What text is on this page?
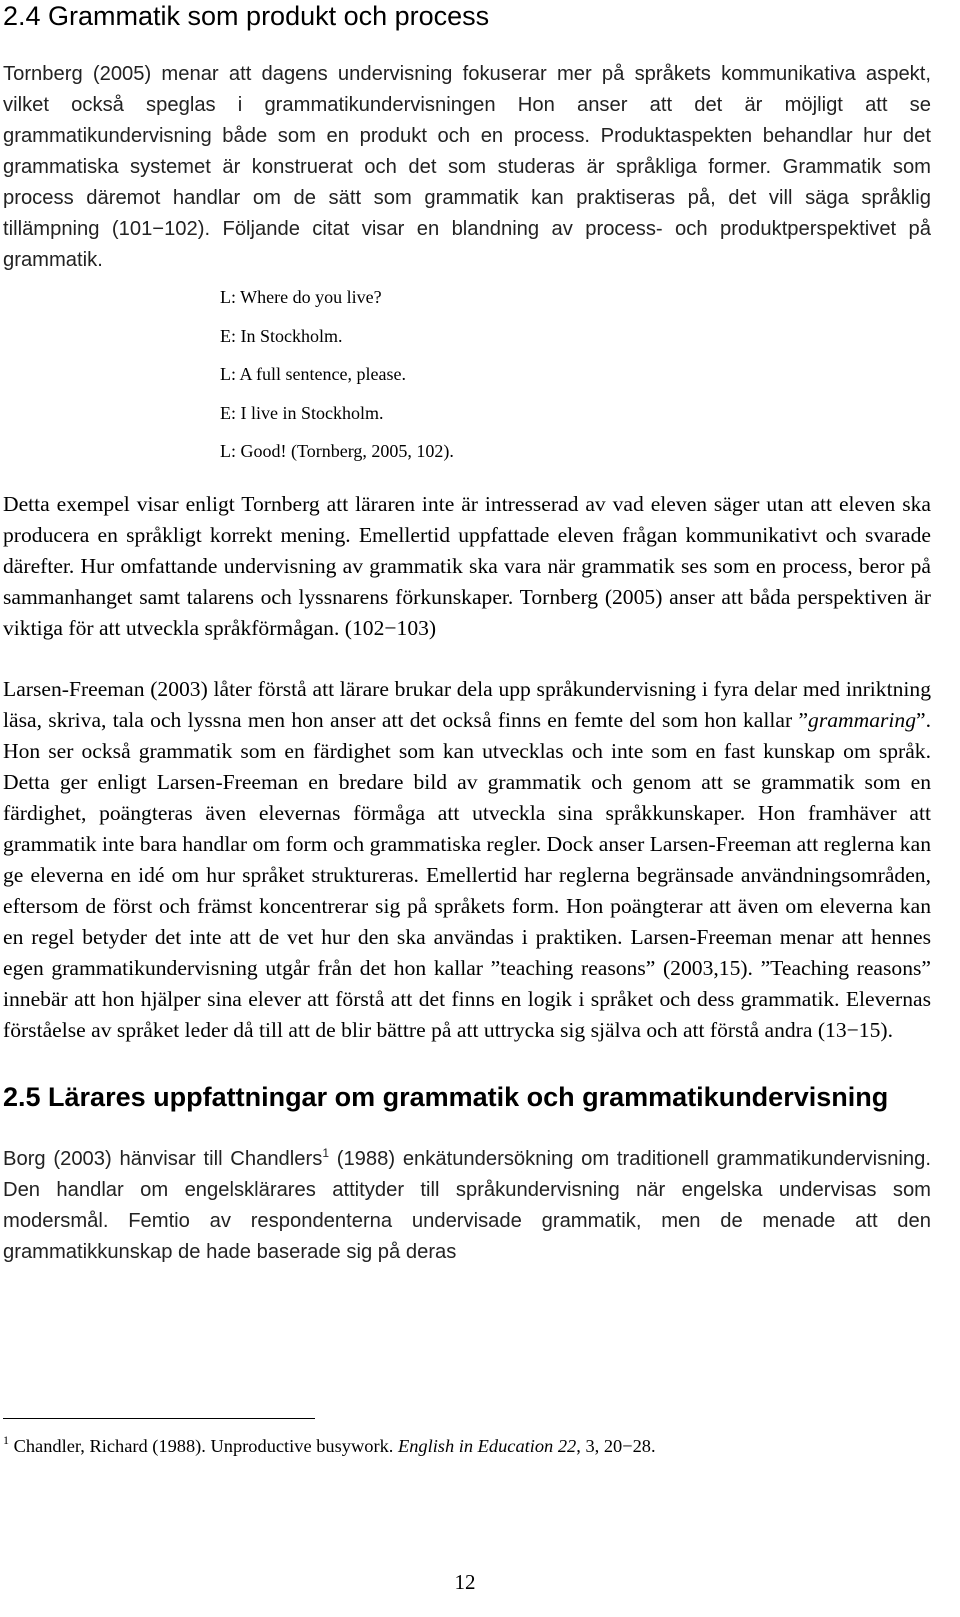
2.4 Grammatik som produkt och process

Tornberg (2005) menar att dagens undervisning fokuserar mer på språkets kommunikativa aspekt, vilket också speglas i grammatikundervisningen Hon anser att det är möjligt att se grammatikundervisning både som en produkt och en process. Produktaspekten behandlar hur det grammatiska systemet är konstruerat och det som studeras är språkliga former. Grammatik som process däremot handlar om de sätt som grammatik kan praktiseras på, det vill säga språklig tillämpning (101−102). Följande citat visar en blandning av process- och produktperspektivet på grammatik.

L: Where do you live?
E: In Stockholm.
L: A full sentence, please.
E: I live in Stockholm.
L: Good! (Tornberg, 2005, 102).

Detta exempel visar enligt Tornberg att läraren inte är intresserad av vad eleven säger utan att eleven ska producera en språkligt korrekt mening. Emellertid uppfattade eleven frågan kommunikativt och svarade därefter. Hur omfattande undervisning av grammatik ska vara när grammatik ses som en process, beror på sammanhanget samt talarens och lyssnarens förkunskaper. Tornberg (2005) anser att båda perspektiven är viktiga för att utveckla språkförmågan. (102−103)

Larsen-Freeman (2003) låter förstå att lärare brukar dela upp språkundervisning i fyra delar med inriktning läsa, skriva, tala och lyssna men hon anser att det också finns en femte del som hon kallar ”grammaring”. Hon ser också grammatik som en färdighet som kan utvecklas och inte som en fast kunskap om språk. Detta ger enligt Larsen-Freeman en bredare bild av grammatik och genom att se grammatik som en färdighet, poängteras även elevernas förmåga att utveckla sina språkkunskaper. Hon framhäver att grammatik inte bara handlar om form och grammatiska regler. Dock anser Larsen-Freeman att reglerna kan ge eleverna en idé om hur språket struktureras. Emellertid har reglerna begränsade användningsområden, eftersom de först och främst koncentrerar sig på språkets form. Hon poängterar att även om eleverna kan en regel betyder det inte att de vet hur den ska användas i praktiken. Larsen-Freeman menar att hennes egen grammatikundervisning utgår från det hon kallar ”teaching reasons” (2003,15). ”Teaching reasons” innebär att hon hjälper sina elever att förstå att det finns en logik i språket och dess grammatik. Elevernas förståelse av språket leder då till att de blir bättre på att uttrycka sig själva och att förstå andra (13−15).

2.5 Lärares uppfattningar om grammatik och grammatikundervisning

Borg (2003) hänvisar till Chandlers$^1$ (1988) enkätundersökning om traditionell grammatikundervisning. Den handlar om engelsklärares attityder till språkundervisning när engelska undervisas som modersmål. Femtio av respondenterna undervisade grammatik, men de menade att den grammatikkunskap de hade baserade sig på deras

$^1$ Chandler, Richard (1988). Unproductive busywork. English in Education 22, 3, 20−28.
12
